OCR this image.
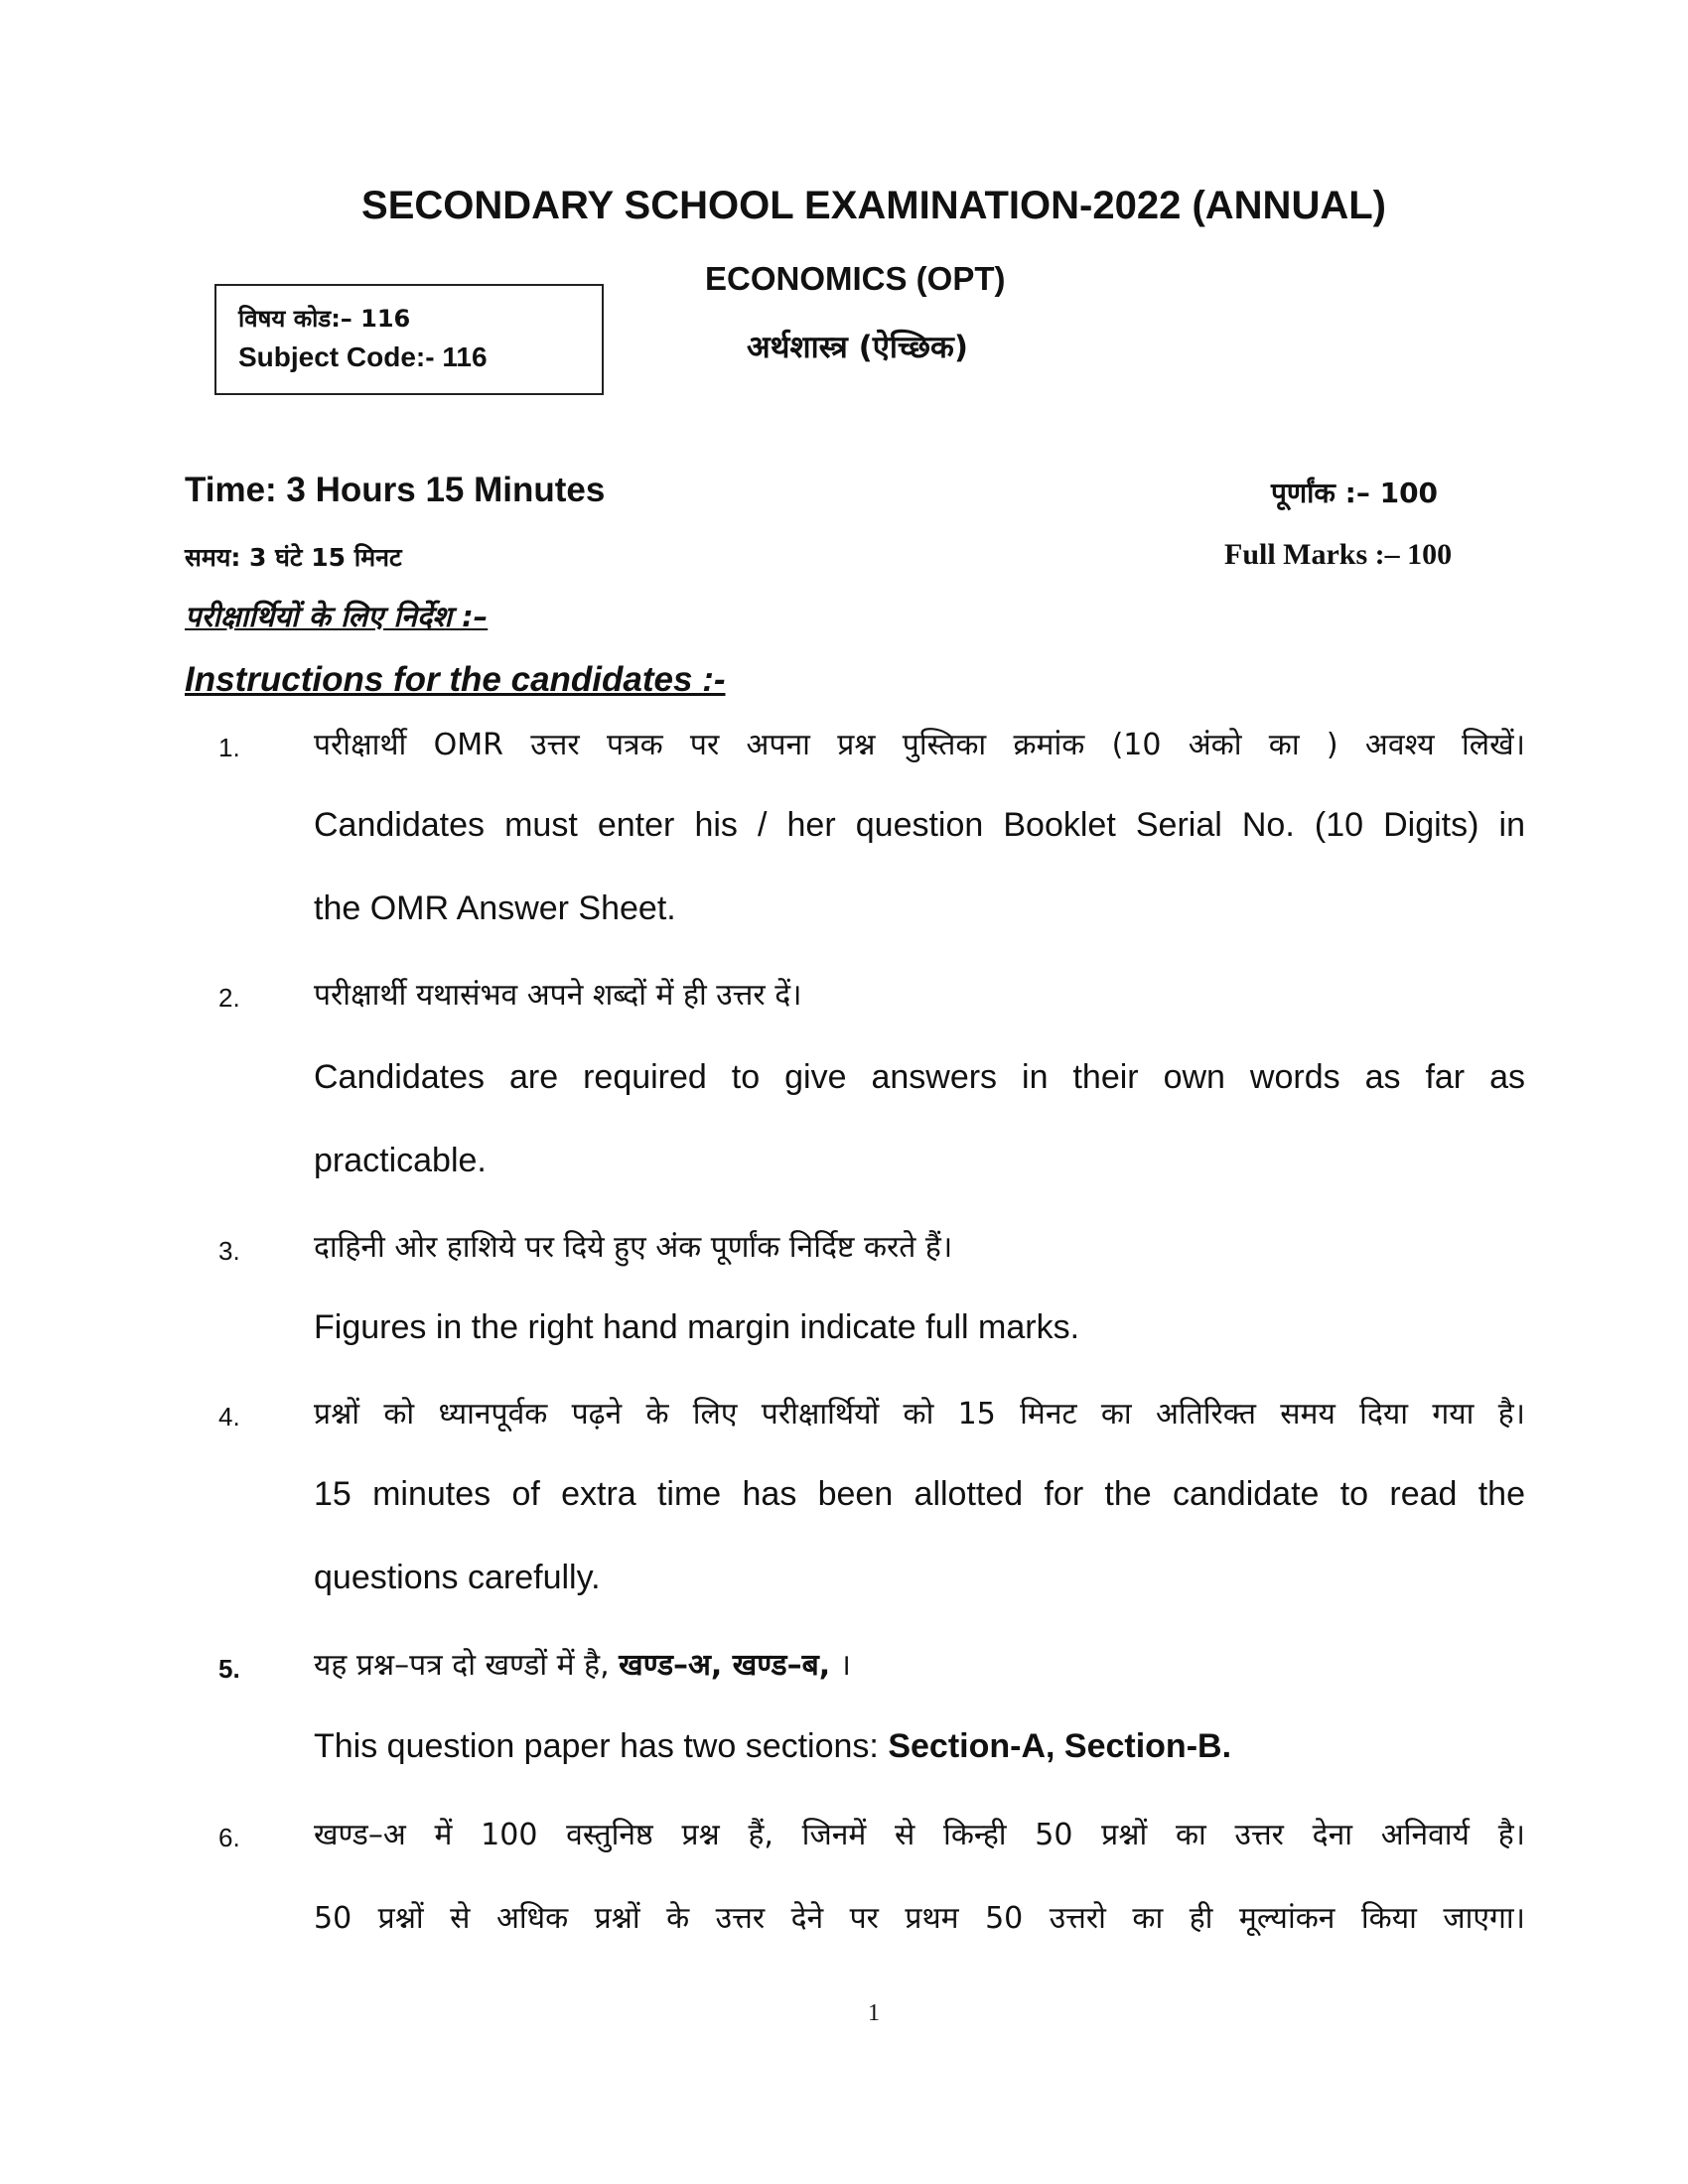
SECONDARY SCHOOL EXAMINATION-2022 (ANNUAL)
ECONOMICS (OPT)
अर्थशास्त्र (ऐच्छिक)
विषय कोड:– 116
Subject Code:- 116
Time: 3 Hours 15 Minutes
समय: 3 घंटे 15 मिनट
पूर्णांक :– 100
Full Marks :– 100
परीक्षार्थियों के लिए निर्देश :–
Instructions for the candidates :-
1. परीक्षार्थी OMR उत्तर पत्रक पर अपना प्रश्न पुस्तिका क्रमांक (10 अंको का ) अवश्य लिखें।
Candidates must enter his / her question Booklet Serial No. (10 Digits) in
the OMR Answer Sheet.
2. परीक्षार्थी यथासंभव अपने शब्दों में ही उत्तर दें।
Candidates are required to give answers in their own words as far as
practicable.
3. दाहिनी ओर हाशिये पर दिये हुए अंक पूर्णांक निर्दिष्ट करते हैं।
Figures in the right hand margin indicate full marks.
4. प्रश्नों को ध्यानपूर्वक पढ़ने के लिए परीक्षार्थियों को 15 मिनट का अतिरिक्त समय दिया गया है।
15 minutes of extra time has been allotted for the candidate to read the
questions carefully.
5. यह प्रश्न–पत्र दो खण्डों में है, खण्ड–अ, खण्ड–ब, ।
This question paper has two sections: Section-A, Section-B.
6. खण्ड–अ में 100 वस्तुनिष्ठ प्रश्न हैं, जिनमें से किन्ही 50 प्रश्नों का उत्तर देना अनिवार्य है।
50 प्रश्नों से अधिक प्रश्नों के उत्तर देने पर प्रथम 50 उत्तरो का ही मूल्यांकन किया जाएगा।
1
